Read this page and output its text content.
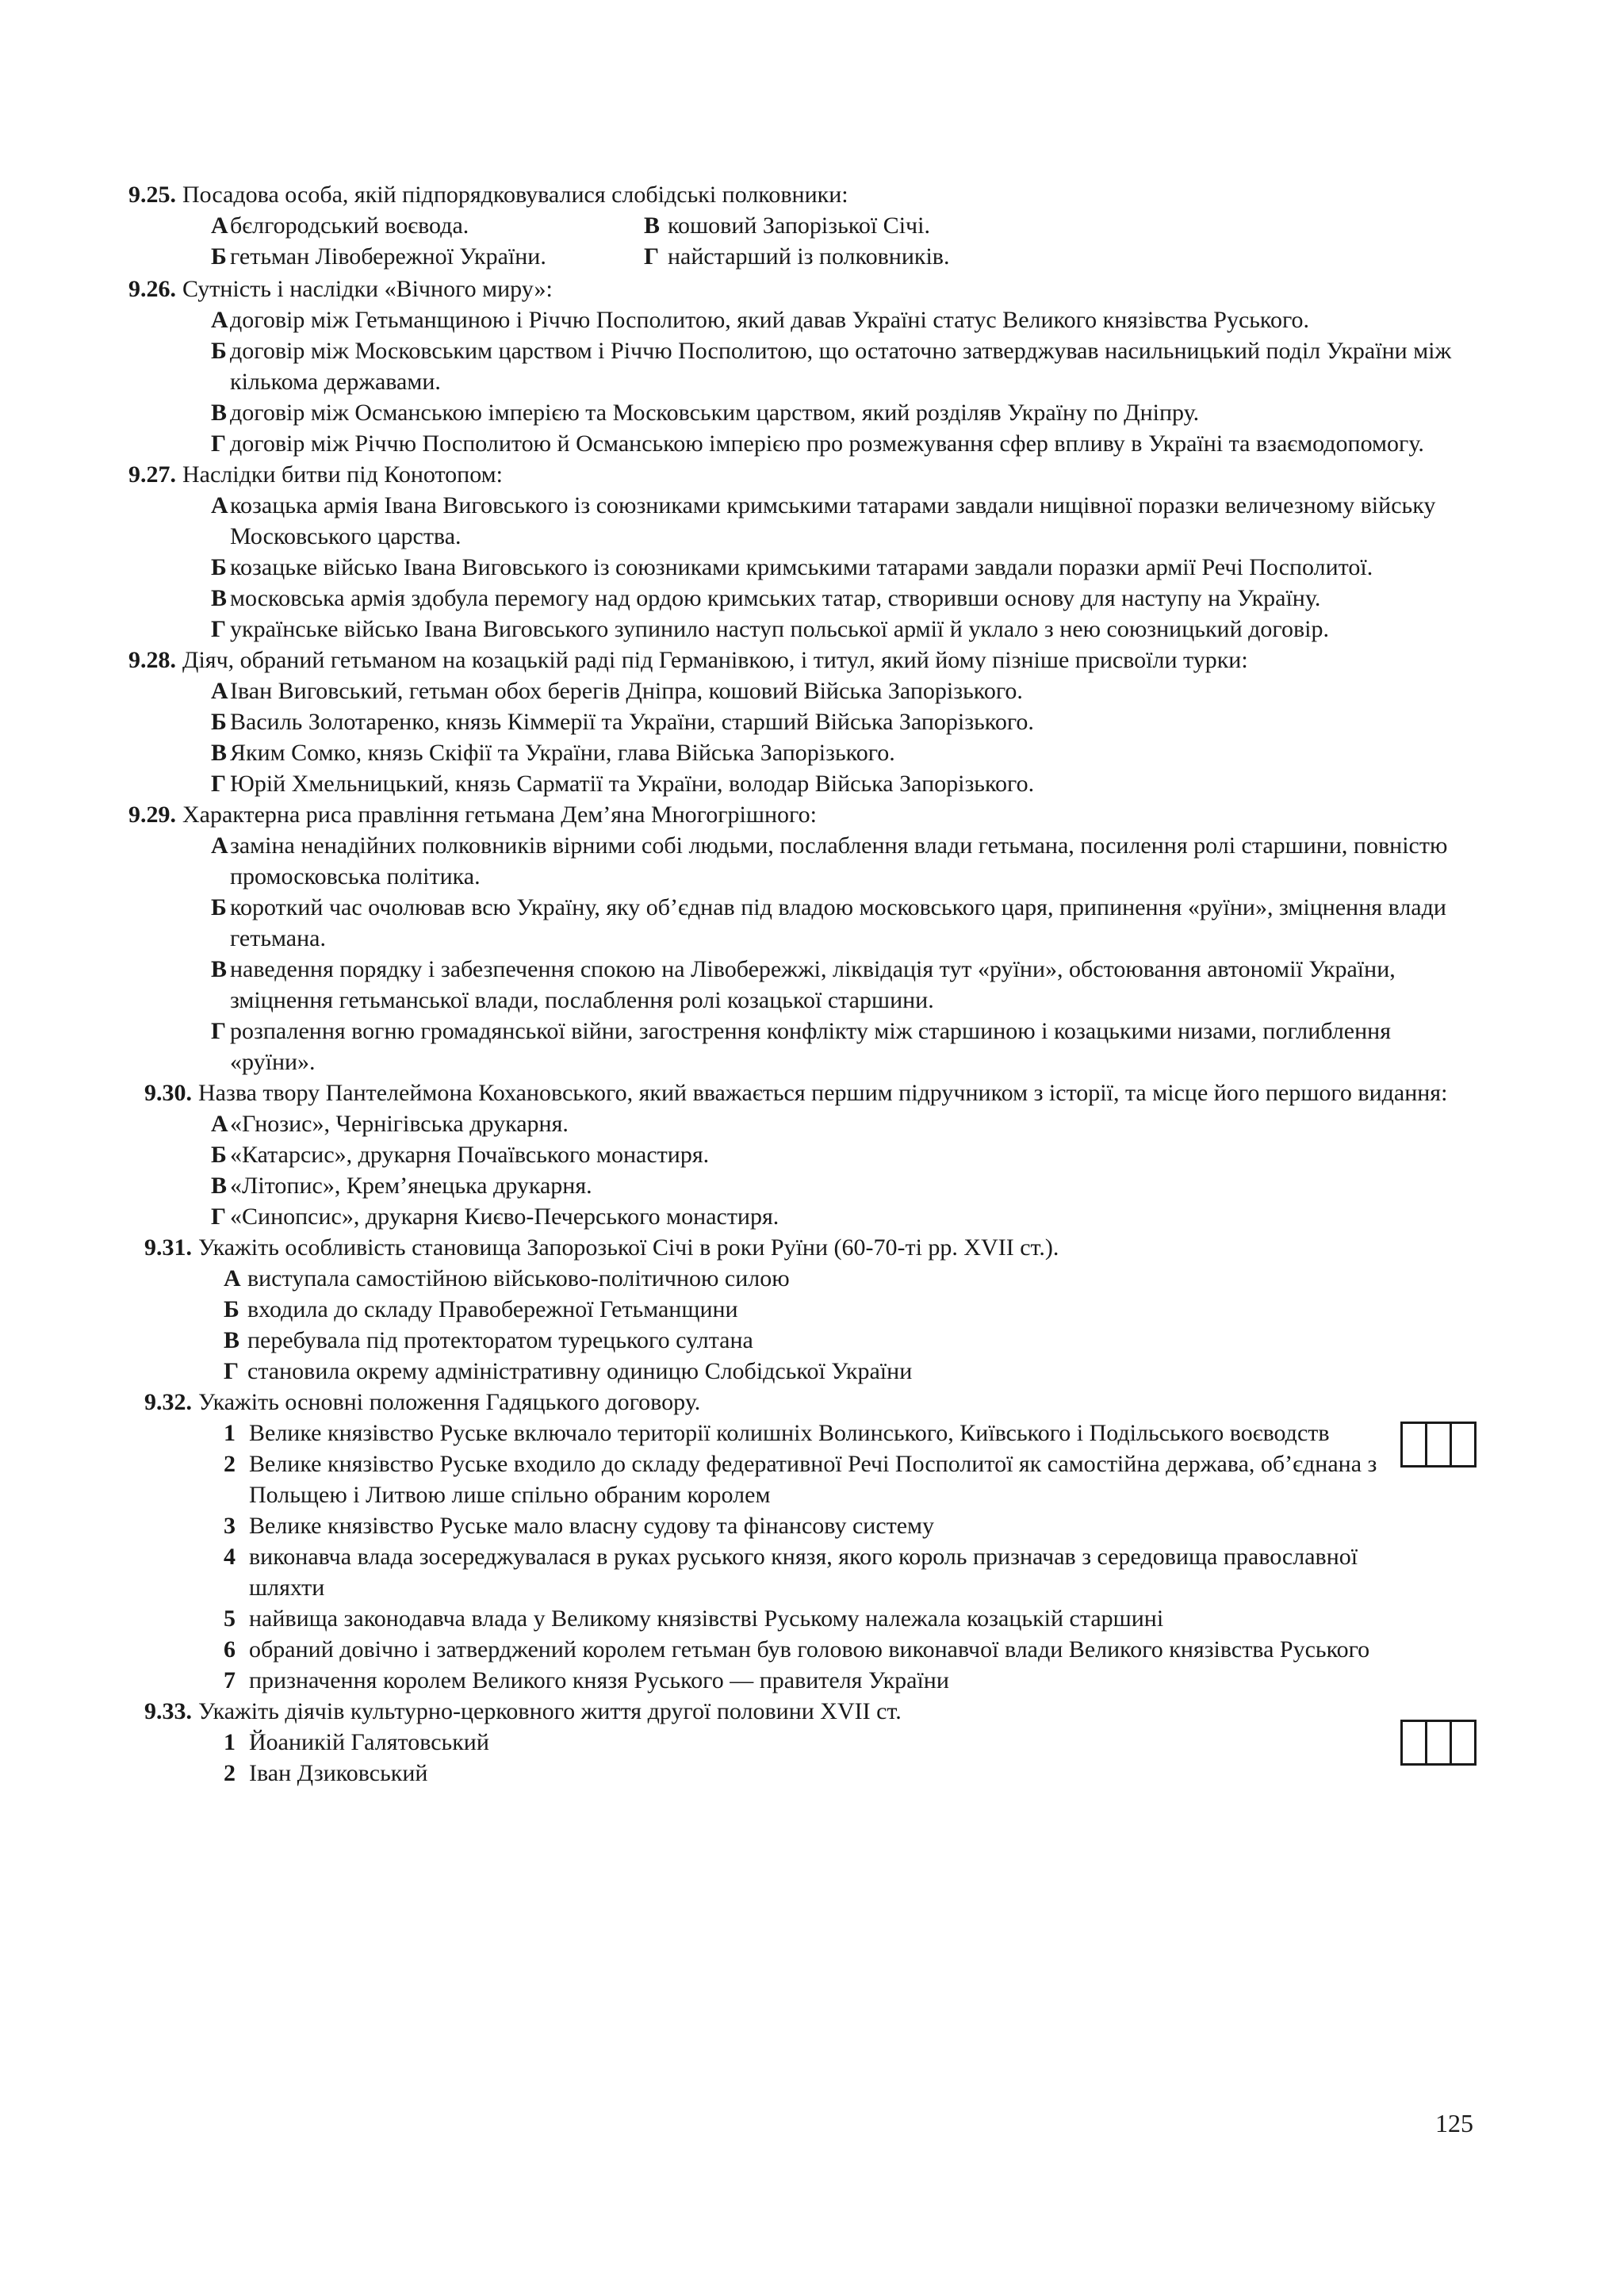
9.25. Посадова особа, якій підпорядковувалися слобідські полковники:
А бєлгородський воєвода.	В кошовий Запорізької Січі.
Б гетьман Лівобережної України.	Г найстарший із полковників.
9.26. Сутність і наслідки «Вічного миру»:
А договір між Гетьманщиною і Річчю Посполитою, який давав Україні статус Великого князівства Руського.
Б договір між Московським царством і Річчю Посполитою, що остаточно затверджував насильницький поділ України між кількома державами.
В договір між Османською імперією та Московським царством, який розділяв Україну по Дніпру.
Г договір між Річчю Посполитою й Османською імперією про розмежування сфер впливу в Україні та взаємодопомогу.
9.27. Наслідки битви під Конотопом:
А козацька армія Івана Виговського із союзниками кримськими татарами завдали нищівної поразки величезному війську Московського царства.
Б козацьке військо Івана Виговського із союзниками кримськими татарами завдали поразки армії Речі Посполитої.
В московська армія здобула перемогу над ордою кримських татар, створивши основу для наступу на Україну.
Г українське військо Івана Виговського зупинило наступ польської армії й уклало з нею союзницький договір.
9.28. Діяч, обраний гетьманом на козацькій раді під Германівкою, і титул, який йому пізніше присвоїли турки:
А Іван Виговський, гетьман обох берегів Дніпра, кошовий Війська Запорізького.
Б Василь Золотаренко, князь Кіммерії та України, старший Війська Запорізького.
В Яким Сомко, князь Скіфії та України, глава Війська Запорізького.
Г Юрій Хмельницький, князь Сарматії та України, володар Війська Запорізького.
9.29. Характерна риса правління гетьмана Дем’яна Многогрішного:
А заміна ненадійних полковників вірними собі людьми, послаблення влади гетьмана, посилення ролі старшини, повністю промосковська політика.
Б короткий час очолював всю Україну, яку об’єднав під владою московського царя, припинення «руїни», зміцнення влади гетьмана.
В наведення порядку і забезпечення спокою на Лівобережжі, ліквідація тут «руїни», обстоювання автономії України, зміцнення гетьманської влади, послаблення ролі козацької старшини.
Г розпалення вогню громадянської війни, загострення конфлікту між старшиною і козацькими низами, поглиблення «руїни».
9.30. Назва твору Пантелеймона Кохановського, який вважається першим підручником з історії, та місце його першого видання:
А «Гнозис», Чернігівська друкарня.
Б «Катарсис», друкарня Почаївського монастиря.
В «Літопис», Крем’янецька друкарня.
Г «Синопсис», друкарня Києво-Печерського монастиря.
9.31. Укажіть особливість становища Запорозької Січі в роки Руїни (60-70-ті рр. XVII ст.).
А виступала самостійною військово-політичною силою
Б входила до складу Правобережної Гетьманщини
В перебувала під протекторатом турецького султана
Г становила окрему адміністративну одиницю Слобідської України
9.32. Укажіть основні положення Гадяцького договору.
1 Велике князівство Руське включало території колишніх Волинського, Київського і Подільського воєводств
2 Велике князівство Руське входило до складу федеративної Речі Посполитої як самостійна держава, об’єднана з Польщею і Литвою лише спільно обраним королем
3 Велике князівство Руське мало власну судову та фінансову систему
4 виконавча влада зосереджувалася в руках руського князя, якого король призначав з середовища православної шляхти
5 найвища законодавча влада у Великому князівстві Руському належала козацькій старшині
6 обраний довічно і затверджений королем гетьман був головою виконавчої влади Великого князівства Руського
7 призначення королем Великого князя Руського — правителя України
9.33. Укажіть діячів культурно-церковного життя другої половини XVII ст.
1 Йоаникій Галятовський
2 Іван Дзиковський
125
